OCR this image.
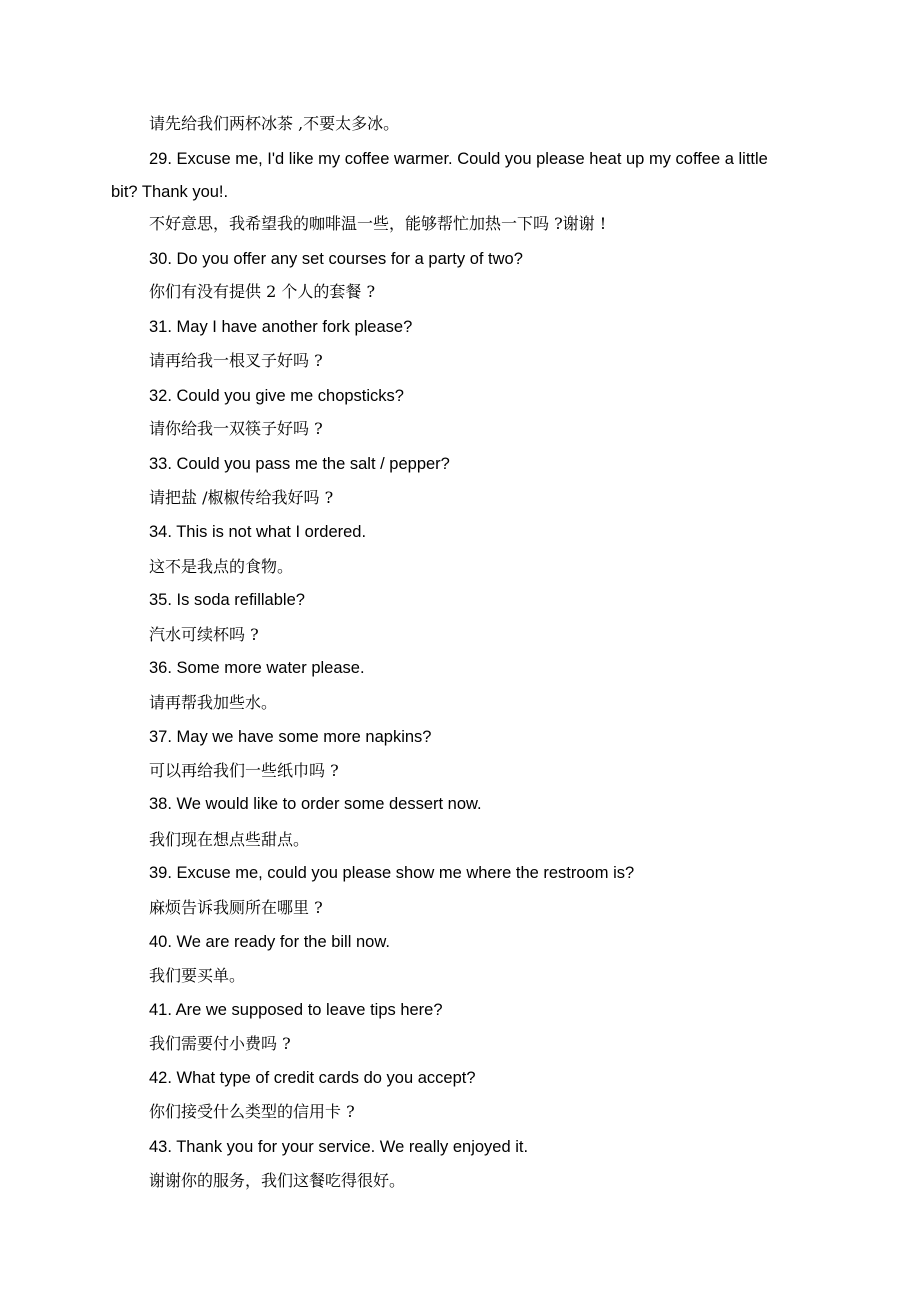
请先给我们两杯冰茶 ,不要太多冰。
29. Excuse me, I'd like my coffee warmer. Could you please heat up my coffee a little bit? Thank you!.
不好意思，我希望我的咖啡温一些，能够帮忙加热一下吗 ?谢谢 !
30. Do you offer any set courses for a party of two?
你们有没有提供 2 个人的套餐 ?
31. May I have another fork please?
请再给我一根叉子好吗 ?
32. Could you give me chopsticks?
请你给我一双筷子好吗 ?
33. Could you pass me the salt / pepper?
请把盐 /椒椒传给我好吗 ?
34. This is not what I ordered.
这不是我点的食物。
35. Is soda refillable?
汽水可续杯吗 ?
36. Some more water please.
请再帮我加些水。
37. May we have some more napkins?
可以再给我们一些纸巾吗 ?
38. We would like to order some dessert now.
我们现在想点些甜点。
39. Excuse me, could you please show me where the restroom is?
麻烦告诉我厕所在哪里 ?
40. We are ready for the bill now.
我们要买单。
41. Are we supposed to leave tips here?
我们需要付小费吗 ?
42. What type of credit cards do you accept?
你们接受什么类型的信用卡 ?
43. Thank you for your service. We really enjoyed it.
谢谢你的服务，我们这餐吃得很好。
